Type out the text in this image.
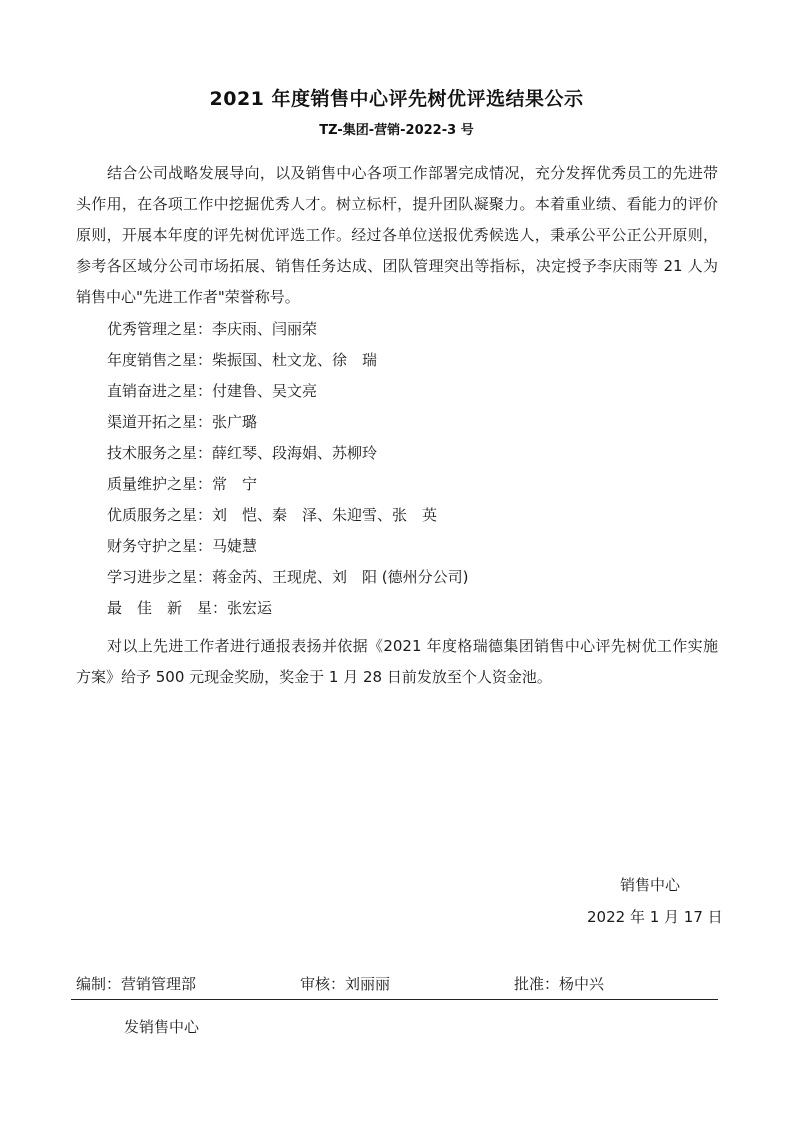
2021 年度销售中心评先树优评选结果公示
TZ-集团-营销-2022-3 号

结合公司战略发展导向，以及销售中心各项工作部署完成情况，充分发挥优秀员工的先进带头作用，在各项工作中挖掘优秀人才。树立标杆，提升团队凝聚力。本着重业绩、看能力的评价原则，开展本年度的评先树优评选工作。经过各单位送报优秀候选人，秉承公平公正公开原则，参考各区域分公司市场拓展、销售任务达成、团队管理突出等指标，决定授予李庆雨等 21 人为销售中心"先进工作者"荣誉称号。

优秀管理之星：李庆雨、闫丽荣
年度销售之星：柴振国、杜文龙、徐　瑞
直销奋进之星：付建鲁、吴文亮
渠道开拓之星：张广璐
技术服务之星：薛红琴、段海娟、苏柳玲
质量维护之星：常　宁
优质服务之星：刘　恺、秦　泽、朱迎雪、张　英
财务守护之星：马婕慧
学习进步之星：蒋金芮、王现虎、刘　阳 (德州分公司)
最　佳　新　星：张宏运

对以上先进工作者进行通报表扬并依据《2021 年度格瑞德集团销售中心评先树优工作实施方案》给予 500 元现金奖励，奖金于 1 月 28 日前发放至个人资金池。

销售中心
2022 年 1 月 17 日
编制：营销管理部	审核：刘丽丽	批准：杨中兴
发销售中心
